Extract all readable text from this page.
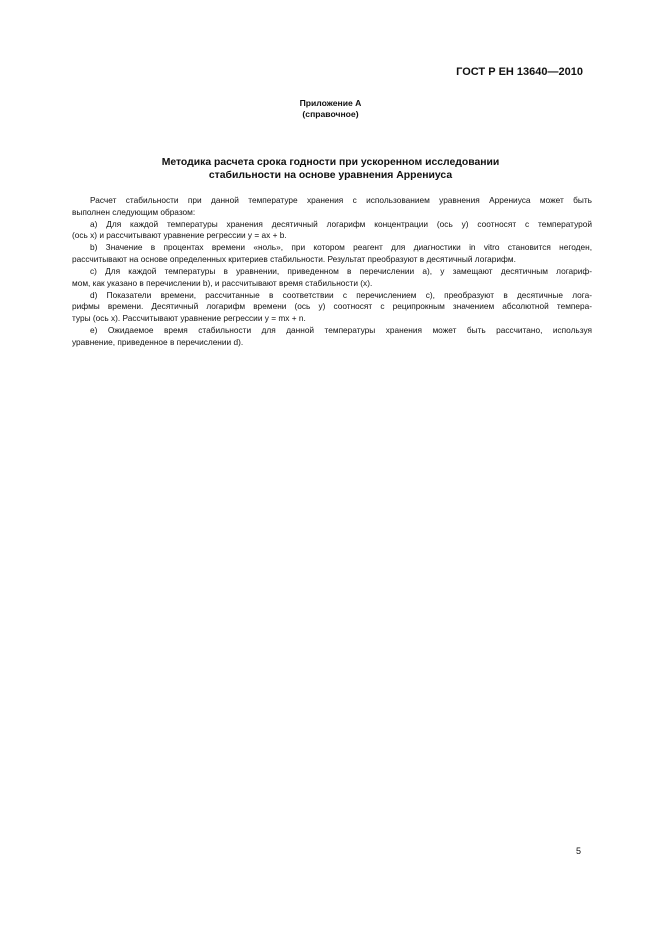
ГОСТ Р ЕН 13640—2010
Приложение А
(справочное)
Методика расчета срока годности при ускоренном исследовании
стабильности на основе уравнения Аррениуса
Расчет стабильности при данной температуре хранения с использованием уравнения Аррениуса может быть
выполнен следующим образом:
a) Для каждой температуры хранения десятичный логарифм концентрации (ось y) соотносят с температурой
(ось x) и рассчитывают уравнение регрессии y = ax + b.
b) Значение в процентах времени «ноль», при котором реагент для диагностики in vitro становится негоден,
рассчитывают на основе определенных критериев стабильности. Результат преобразуют в десятичный логарифм.
c) Для каждой температуры в уравнении, приведенном в перечислении а), y замещают десятичным логариф-
мом, как указано в перечислении b), и рассчитывают время стабильности (x).
d) Показатели времени, рассчитанные в соответствии с перечислением с), преобразуют в десятичные лога-
рифмы времени. Десятичный логарифм времени (ось y) соотносят с реципрокным значением абсолютной темпера-
туры (ось x). Рассчитывают уравнение регрессии y = mx + n.
e) Ожидаемое время стабильности для данной температуры хранения может быть рассчитано, используя
уравнение, приведенное в перечислении d).
5
